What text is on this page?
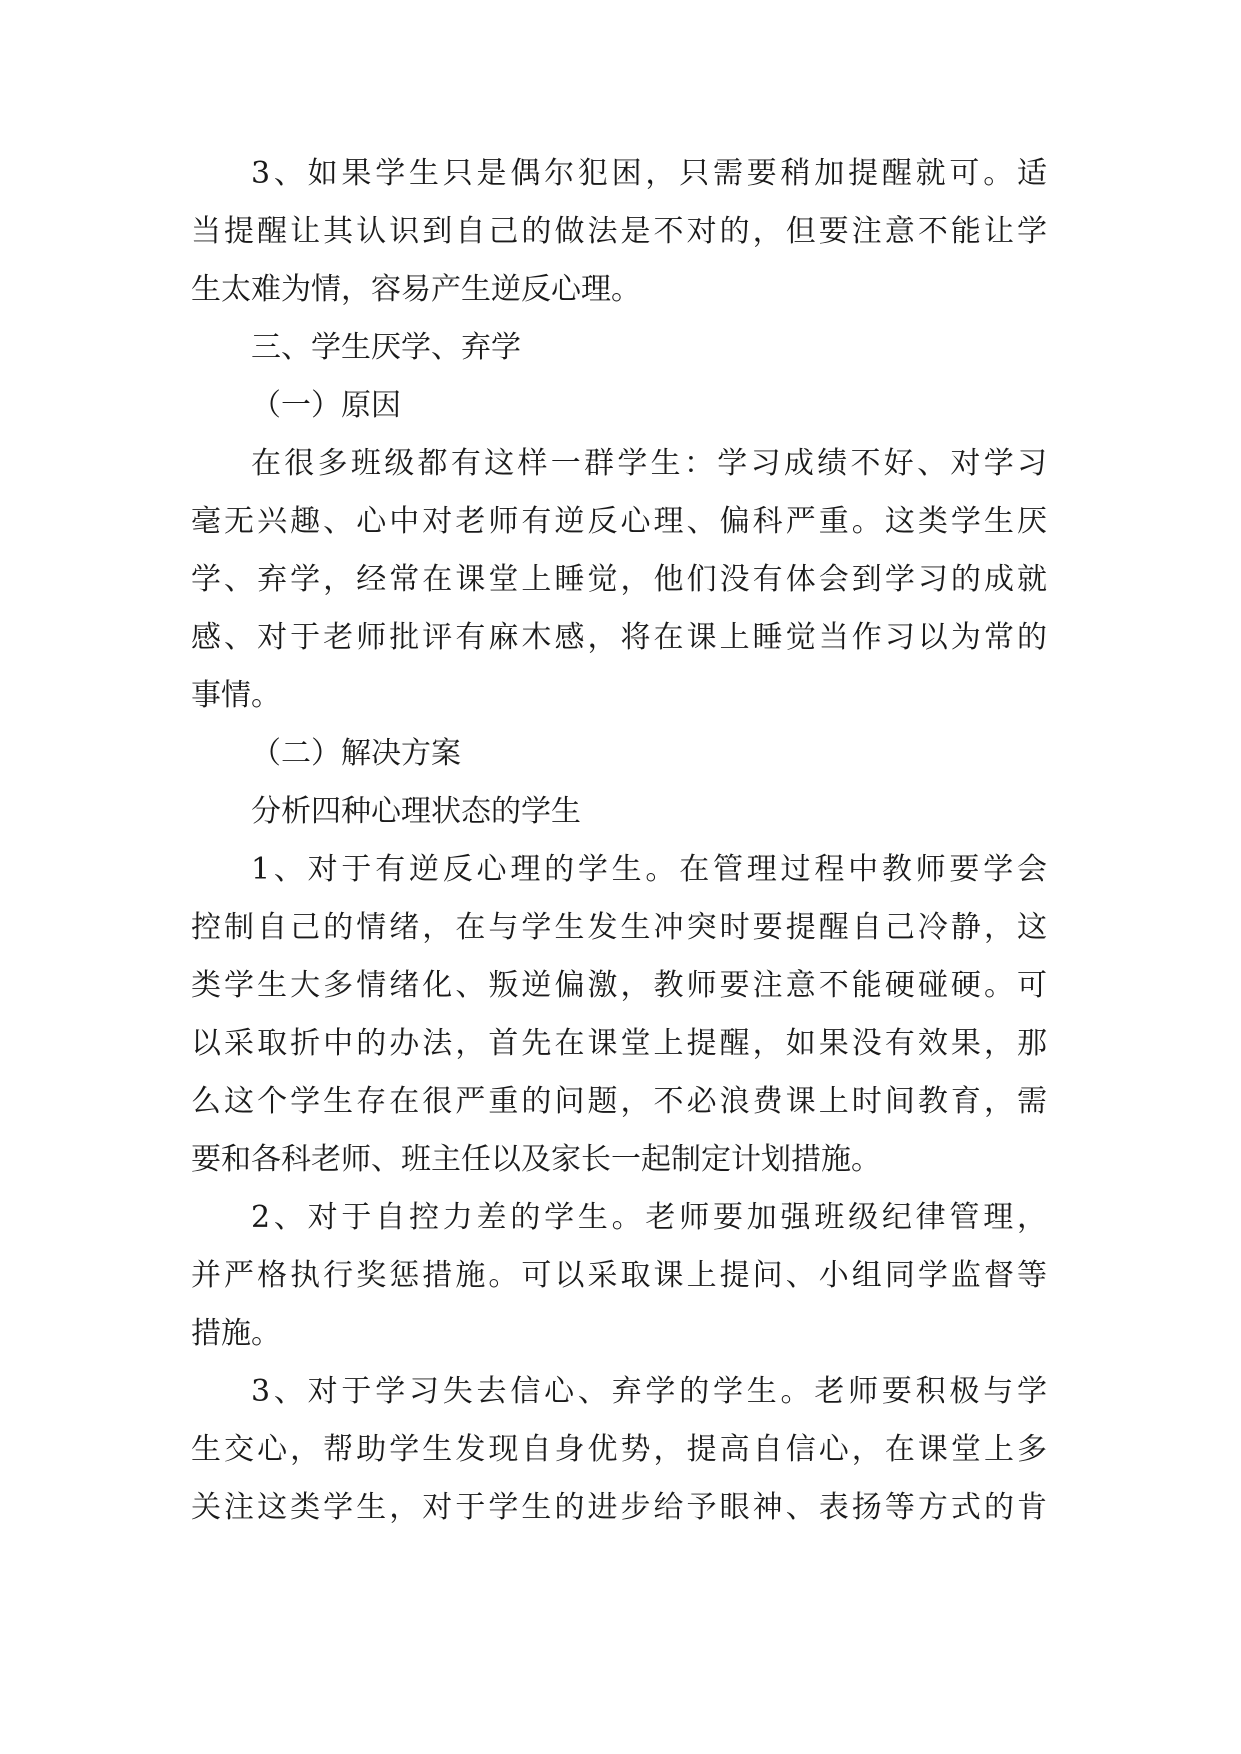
3、如果学生只是偶尔犯困，只需要稍加提醒就可。适
当提醒让其认识到自己的做法是不对的，但要注意不能让学
生太难为情，容易产生逆反心理。
三、学生厌学、弃学
（一）原因
在很多班级都有这样一群学生：学习成绩不好、对学习
毫无兴趣、心中对老师有逆反心理、偏科严重。这类学生厌
学、弃学，经常在课堂上睡觉，他们没有体会到学习的成就
感、对于老师批评有麻木感，将在课上睡觉当作习以为常的
事情。
（二）解决方案
分析四种心理状态的学生
1、对于有逆反心理的学生。在管理过程中教师要学会
控制自己的情绪，在与学生发生冲突时要提醒自己冷静，这
类学生大多情绪化、叛逆偏激，教师要注意不能硬碰硬。可
以采取折中的办法，首先在课堂上提醒，如果没有效果，那
么这个学生存在很严重的问题，不必浪费课上时间教育，需
要和各科老师、班主任以及家长一起制定计划措施。
2、对于自控力差的学生。老师要加强班级纪律管理，
并严格执行奖惩措施。可以采取课上提问、小组同学监督等
措施。
3、对于学习失去信心、弃学的学生。老师要积极与学
生交心，帮助学生发现自身优势，提高自信心，在课堂上多
关注这类学生，对于学生的进步给予眼神、表扬等方式的肯
